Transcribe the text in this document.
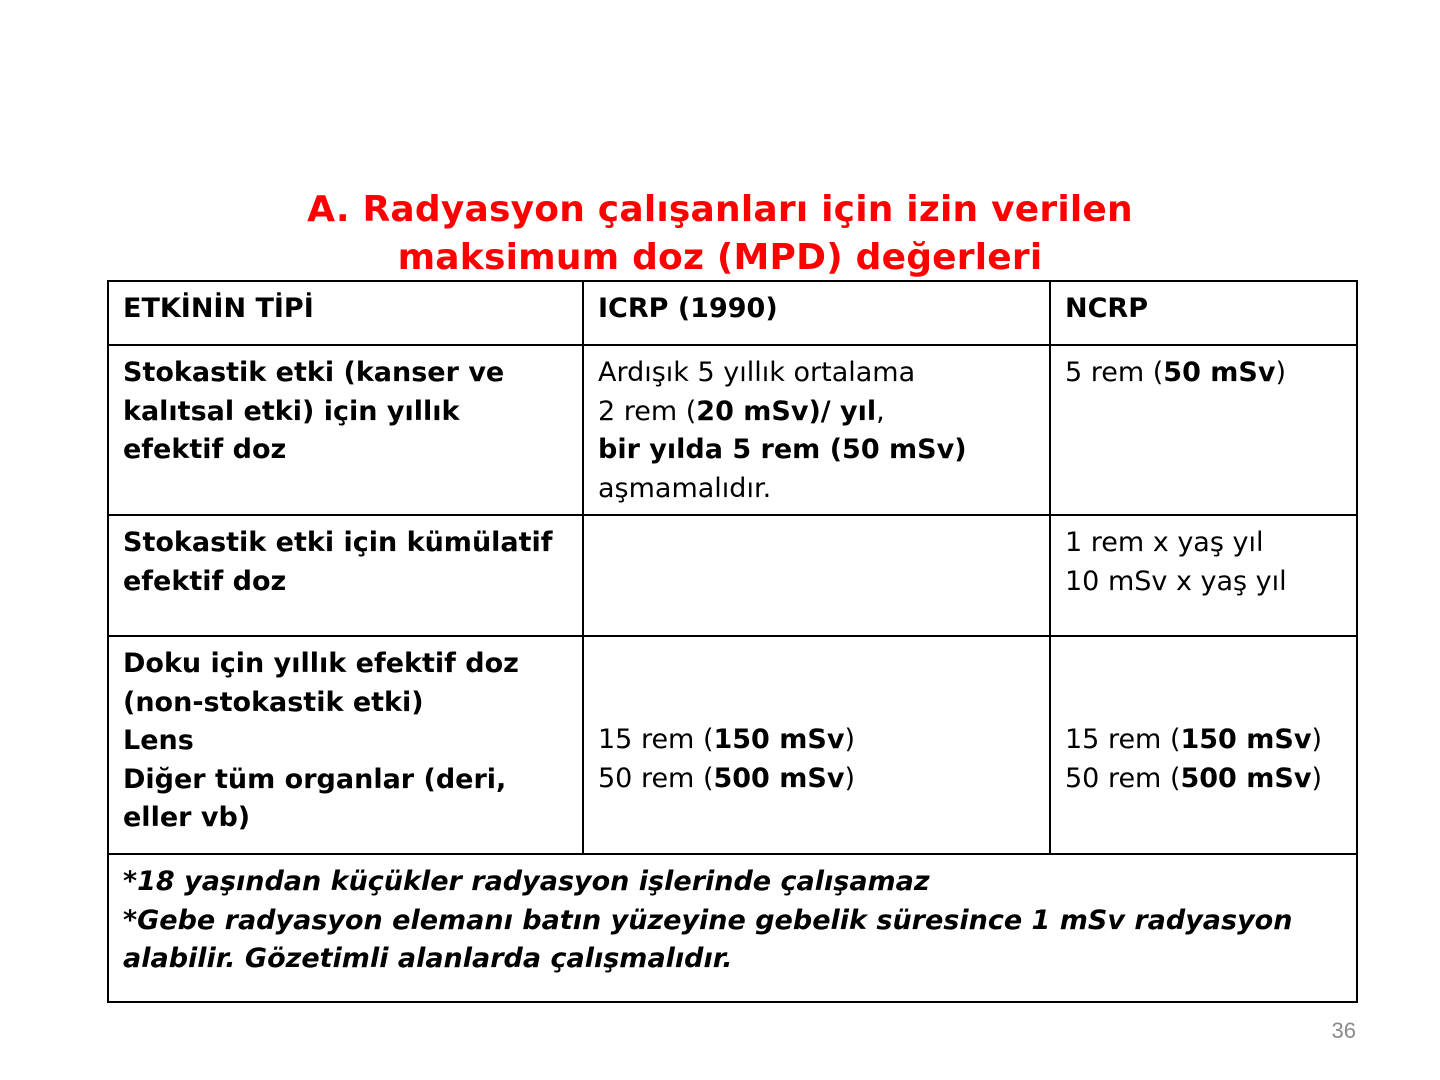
A. Radyasyon çalışanları için izin verilen
maksimum doz (MPD) değerleri
ETKİNİN TİPİ	ICRP (1990)	NCRP

Stokastik etki (kanser ve
kalıtsal etki) için yıllık
efektif doz	Ardışık 5 yıllık ortalama
2 rem (20 mSv)/ yıl,
bir yılda 5 rem (50 mSv)
aşmamalıdır.	5 rem (50 mSv)

Stokastik etki için kümülatif
efektif doz		1 rem x yaş yıl
10 mSv x yaş yıl

Doku için yıllık efektif doz
(non-stokastik etki)
Lens
Diğer tüm organlar (deri,
eller vb)	15 rem (150 mSv)
50 rem (500 mSv)	15 rem (150 mSv)
50 rem (500 mSv)

*18 yaşından küçükler radyasyon işlerinde çalışamaz
*Gebe radyasyon elemanı batın yüzeyine gebelik süresince 1 mSv radyasyon alabilir. Gözetimli alanlarda çalışmalıdır.		
36
